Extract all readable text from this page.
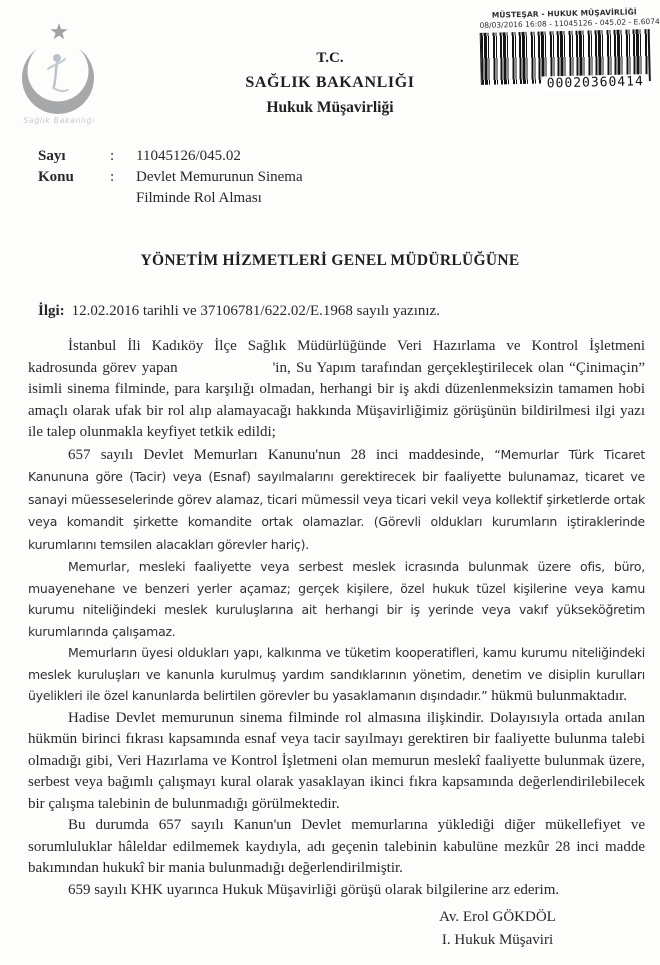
Sağlık Bakanlığı
T.C.
SAĞLIK BAKANLIĞI
Hukuk Müşavirliği
MÜSTEŞAR - HUKUK MÜŞAVİRLİĞİ
08/03/2016 16:08 - 11045126 - 045.02 - E.6074
00020360414
Sayı	:	11045126/045.02
Konu	:	Devlet Memurunun Sinema
Filminde Rol Alması
YÖNETİM HİZMETLERİ GENEL MÜDÜRLÜĞÜNE
İlgi: 12.02.2016 tarihli ve 37106781/622.02/E.1968 sayılı yazınız.

İstanbul İli Kadıköy İlçe Sağlık Müdürlüğünde Veri Hazırlama ve Kontrol İşletmeni kadrosunda görev yapan	'in, Su Yapım tarafından gerçekleştirilecek olan “Çinimaçin” isimli sinema filminde, para karşılığı olmadan, herhangi bir iş akdi düzenlenmeksizin tamamen hobi amaçlı olarak ufak bir rol alıp alamayacağı hakkında Müşavirliğimiz görüşünün bildirilmesi ilgi yazı ile talep olunmakla keyfiyet tetkik edildi;

657 sayılı Devlet Memurları Kanunu'nun 28 inci maddesinde, “Memurlar Türk Ticaret Kanununa göre (Tacir) veya (Esnaf) sayılmalarını gerektirecek bir faaliyette bulunamaz, ticaret ve sanayi müesseselerinde görev alamaz, ticari mümessil veya ticari vekil veya kollektif şirketlerde ortak veya komandit şirkette komandite ortak olamazlar. (Görevli oldukları kurumların iştiraklerinde kurumlarını temsilen alacakları görevler hariç).

Memurlar, mesleki faaliyette veya serbest meslek icrasında bulunmak üzere ofis, büro, muayenehane ve benzeri yerler açamaz; gerçek kişilere, özel hukuk tüzel kişilerine veya kamu kurumu niteliğindeki meslek kuruluşlarına ait herhangi bir iş yerinde veya vakıf yükseköğretim kurumlarında çalışamaz.

Memurların üyesi oldukları yapı, kalkınma ve tüketim kooperatifleri, kamu kurumu niteliğindeki meslek kuruluşları ve kanunla kurulmuş yardım sandıklarının yönetim, denetim ve disiplin kurulları üyelikleri ile özel kanunlarda belirtilen görevler bu yasaklamanın dışındadır.” hükmü bulunmaktadır.

Hadise Devlet memurunun sinema filminde rol almasına ilişkindir. Dolayısıyla ortada anılan hükmün birinci fıkrası kapsamında esnaf veya tacir sayılmayı gerektiren bir faaliyette bulunma talebi olmadığı gibi, Veri Hazırlama ve Kontrol İşletmeni olan memurun meslekî faaliyette bulunmak üzere, serbest veya bağımlı çalışmayı kural olarak yasaklayan ikinci fıkra kapsamında değerlendirilebilecek bir çalışma talebinin de bulunmadığı görülmektedir.

Bu durumda 657 sayılı Kanun'un Devlet memurlarına yüklediği diğer mükellefiyet ve sorumluluklar hâleldar edilmemek kaydıyla, adı geçenin talebinin kabulüne mezkûr 28 inci madde bakımından hukukî bir mania bulunmadığı değerlendirilmiştir.

659 sayılı KHK uyarınca Hukuk Müşavirliği görüşü olarak bilgilerine arz ederim.

Av. Erol GÖKDÖL
I. Hukuk Müşaviri
